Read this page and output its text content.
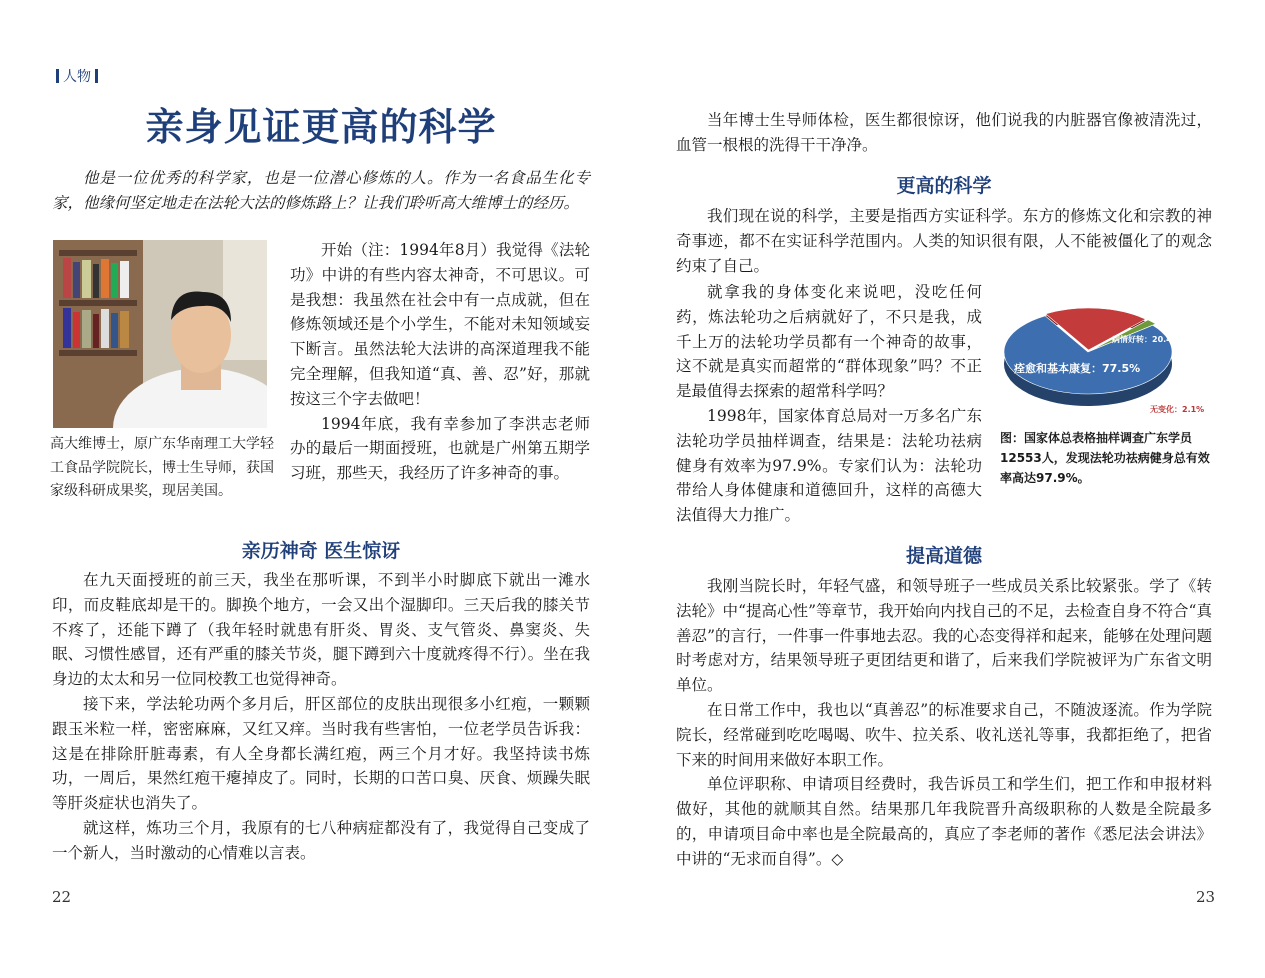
人物
亲身见证更高的科学
他是一位优秀的科学家，也是一位潜心修炼的人。作为一名食品生化专家，他缘何坚定地走在法轮大法的修炼路上？让我们聆听高大维博士的经历。
高大维博士，原广东华南理工大学轻工食品学院院长，博士生导师，获国家级科研成果奖，现居美国。

开始（注：1994年8月）我觉得《法轮功》中讲的有些内容太神奇，不可思议。可是我想：我虽然在社会中有一点成就，但在修炼领域还是个小学生，不能对未知领域妄下断言。虽然法轮大法讲的高深道理我不能完全理解，但我知道“真、善、忍”好，那就按这三个字去做吧！

1994年底，我有幸参加了李洪志老师办的最后一期面授班，也就是广州第五期学习班，那些天，我经历了许多神奇的事。

亲历神奇 医生惊讶

在九天面授班的前三天，我坐在那听课，不到半小时脚底下就出一滩水印，而皮鞋底却是干的。脚换个地方，一会又出个湿脚印。三天后我的膝关节不疼了，还能下蹲了（我年轻时就患有肝炎、胃炎、支气管炎、鼻窦炎、失眠、习惯性感冒，还有严重的膝关节炎，腿下蹲到六十度就疼得不行）。坐在我身边的太太和另一位同校教工也觉得神奇。

接下来，学法轮功两个多月后，肝区部位的皮肤出现很多小红疱，一颗颗跟玉米粒一样，密密麻麻，又红又痒。当时我有些害怕，一位老学员告诉我：这是在排除肝脏毒素，有人全身都长满红疱，两三个月才好。我坚持读书炼功，一周后，果然红疱干瘪掉皮了。同时，长期的口苦口臭、厌食、烦躁失眠等肝炎症状也消失了。

就这样，炼功三个月，我原有的七八种病症都没有了，我觉得自己变成了一个新人，当时激动的心情难以言表。

22

当年博士生导师体检，医生都很惊讶，他们说我的内脏器官像被清洗过，血管一根根的洗得干干净净。

更高的科学

我们现在说的科学，主要是指西方实证科学。东方的修炼文化和宗教的神奇事迹，都不在实证科学范围内。人类的知识很有限，人不能被僵化了的观念约束了自己。

就拿我的身体变化来说吧，没吃任何药，炼法轮功之后病就好了，不只是我，成千上万的法轮功学员都有一个神奇的故事，这不就是真实而超常的“群体现象”吗？不正是最值得去探索的超常科学吗？

1998年，国家体育总局对一万多名广东法轮功学员抽样调查，结果是：法轮功祛病健身有效率为97.9%。专家们认为：法轮功带给人身体健康和道德回升，这样的高德大法值得大力推广。

痊愈和基本康复：77.5%
病情好转：20.4%
无变化：2.1%
图：国家体总表格抽样调查广东学员12553人，发现法轮功祛病健身总有效率高达97.9%。
提高道德

我刚当院长时，年轻气盛，和领导班子一些成员关系比较紧张。学了《转法轮》中“提高心性”等章节，我开始向内找自己的不足，去检查自身不符合“真善忍”的言行，一件事一件事地去忍。我的心态变得祥和起来，能够在处理问题时考虑对方，结果领导班子更团结更和谐了，后来我们学院被评为广东省文明单位。

在日常工作中，我也以“真善忍”的标准要求自己，不随波逐流。作为学院院长，经常碰到吃吃喝喝、吹牛、拉关系、收礼送礼等事，我都拒绝了，把省下来的时间用来做好本职工作。

单位评职称、申请项目经费时，我告诉员工和学生们，把工作和申报材料做好，其他的就顺其自然。结果那几年我院晋升高级职称的人数是全院最多的，申请项目命中率也是全院最高的，真应了李老师的著作《悉尼法会讲法》中讲的“无求而自得”。◇

23
